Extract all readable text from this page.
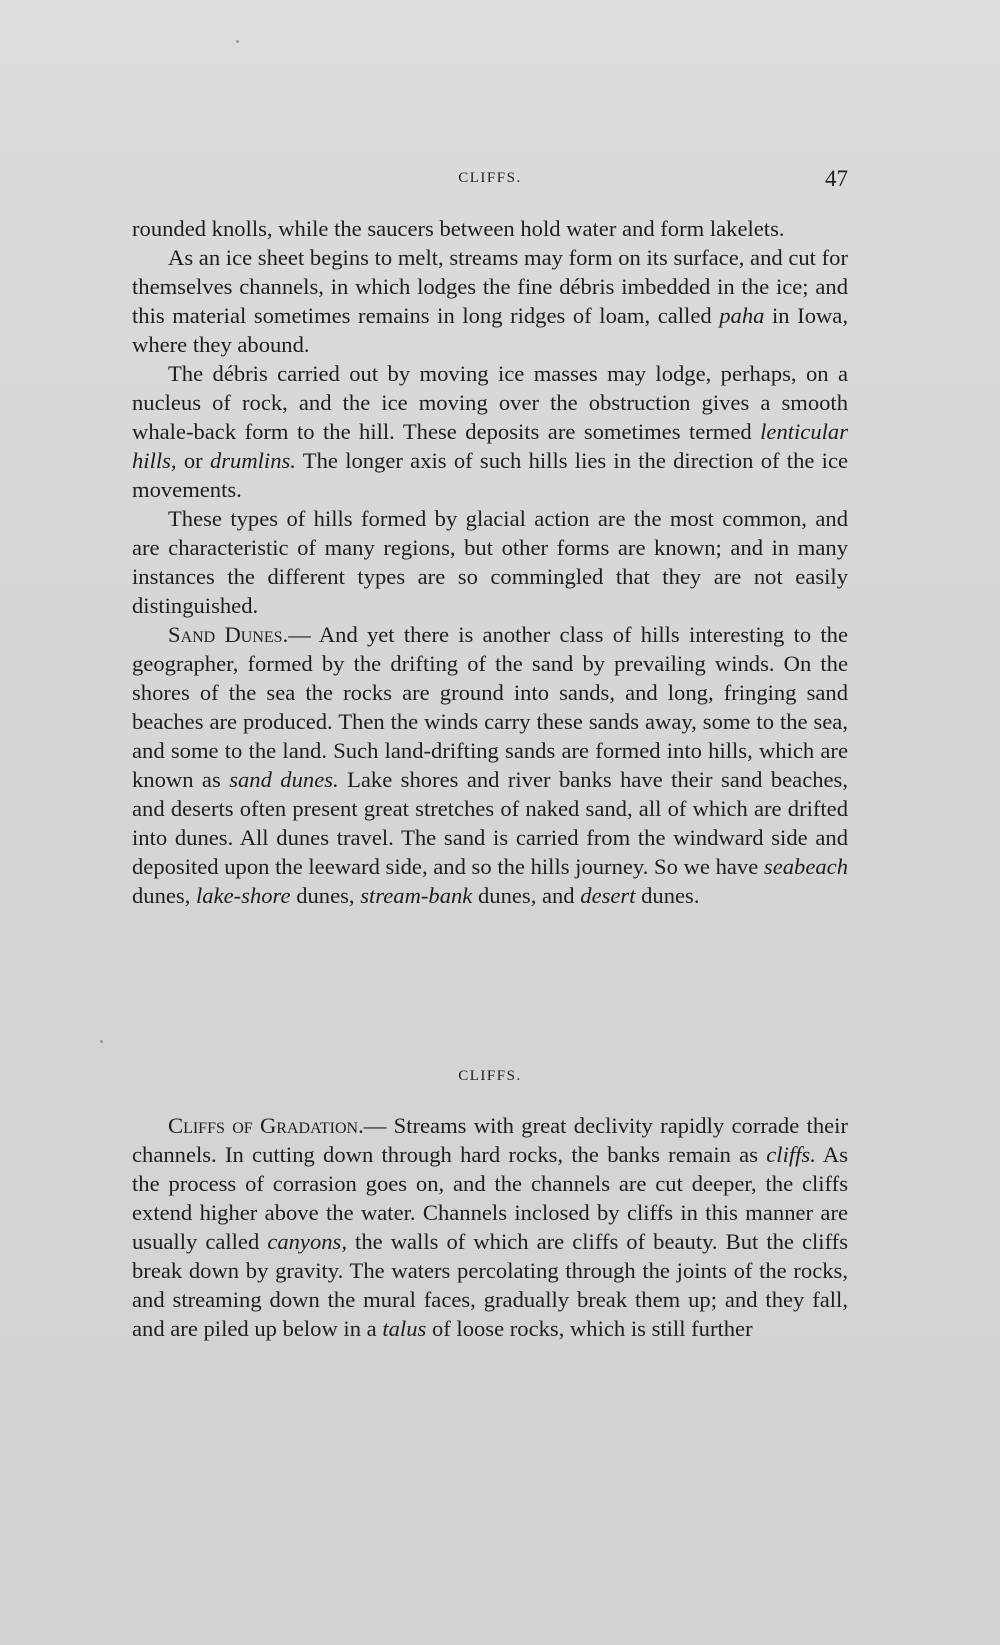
CLIFFS.	47

rounded knolls, while the saucers between hold water and form lakelets.

As an ice sheet begins to melt, streams may form on its surface, and cut for themselves channels, in which lodges the fine débris imbedded in the ice; and this material sometimes remains in long ridges of loam, called paha in Iowa, where they abound.

The débris carried out by moving ice masses may lodge, perhaps, on a nucleus of rock, and the ice moving over the obstruction gives a smooth whale-back form to the hill. These deposits are sometimes termed lenticular hills, or drumlins. The longer axis of such hills lies in the direction of the ice movements.

These types of hills formed by glacial action are the most common, and are characteristic of many regions, but other forms are known; and in many instances the different types are so commingled that they are not easily distinguished.

Sand Dunes.— And yet there is another class of hills interesting to the geographer, formed by the drifting of the sand by prevailing winds. On the shores of the sea the rocks are ground into sands, and long, fringing sand beaches are produced. Then the winds carry these sands away, some to the sea, and some to the land. Such land-drifting sands are formed into hills, which are known as sand dunes. Lake shores and river banks have their sand beaches, and deserts often present great stretches of naked sand, all of which are drifted into dunes. All dunes travel. The sand is carried from the windward side and deposited upon the leeward side, and so the hills journey. So we have seabeach dunes, lake-shore dunes, stream-bank dunes, and desert dunes.

CLIFFS.

Cliffs of Gradation.— Streams with great declivity rapidly corrade their channels. In cutting down through hard rocks, the banks remain as cliffs. As the process of corrasion goes on, and the channels are cut deeper, the cliffs extend higher above the water. Channels inclosed by cliffs in this manner are usually called canyons, the walls of which are cliffs of beauty. But the cliffs break down by gravity. The waters percolating through the joints of the rocks, and streaming down the mural faces, gradually break them up; and they fall, and are piled up below in a talus of loose rocks, which is still further
